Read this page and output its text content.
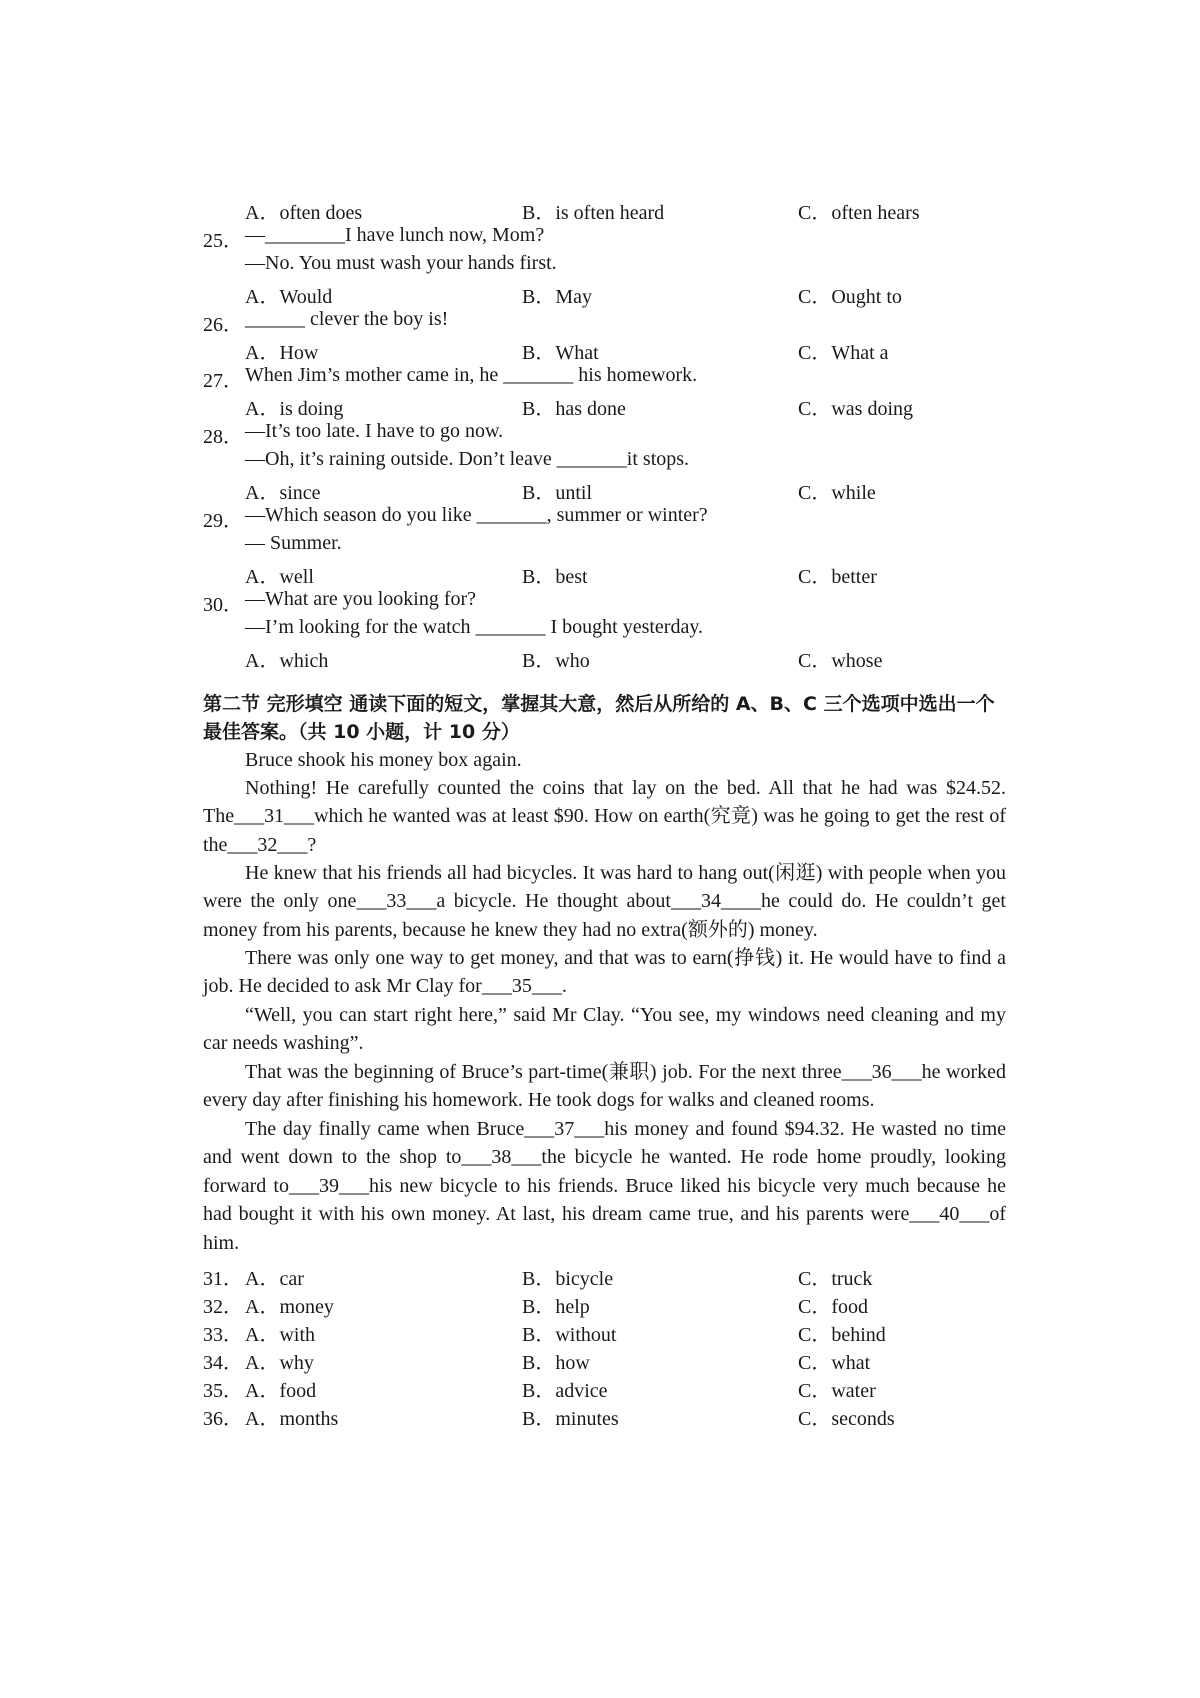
A．often does	B．is often heard	C．often hears
25． —________I have lunch now, Mom?
—No. You must wash your hands first.
A．Would	B．May	C．Ought to
26． ______ clever the boy is!
A．How	B．What	C．What a
27． When Jim’s mother came in, he _______ his homework.
A．is doing	B．has done	C．was doing
28． —It’s too late. I have to go now.
—Oh, it’s raining outside. Don’t leave _______it stops.
A．since	B．until	C．while
29． —Which season do you like _______, summer or winter?
— Summer.
A．well	B．best	C．better
30． —What are you looking for?
—I’m looking for the watch _______ I bought yesterday.
A．which	B．who	C．whose
第二节 完形填空 通读下面的短文，掌握其大意，然后从所给的 A、B、C 三个选项中选出一个最佳答案。（共 10 小题，计 10 分）
Bruce shook his money box again.
Nothing! He carefully counted the coins that lay on the bed. All that he had was $24.52. The___31___which he wanted was at least $90. How on earth(究竟) was he going to get the rest of the___32___?
He knew that his friends all had bicycles. It was hard to hang out(闲逛) with people when you were the only one___33___a bicycle. He thought about___34____he could do. He couldn’t get money from his parents, because he knew they had no extra(额外的) money.
There was only one way to get money, and that was to earn(挣钱) it. He would have to find a job. He decided to ask Mr Clay for___35___.
“Well, you can start right here,” said Mr Clay. “You see, my windows need cleaning and my car needs washing”.
That was the beginning of Bruce’s part-time(兼职) job. For the next three___36___he worked every day after finishing his homework. He took dogs for walks and cleaned rooms.
The day finally came when Bruce___37___his money and found $94.32. He wasted no time and went down to the shop to___38___the bicycle he wanted. He rode home proudly, looking forward to___39___his new bicycle to his friends. Bruce liked his bicycle very much because he had bought it with his own money. At last, his dream came true, and his parents were___40___of him.
31． A．car	B．bicycle	C．truck
32． A．money	B．help	C．food
33． A．with	B．without	C．behind
34． A．why	B．how	C．what
35． A．food	B．advice	C．water
36． A．months	B．minutes	C．seconds
